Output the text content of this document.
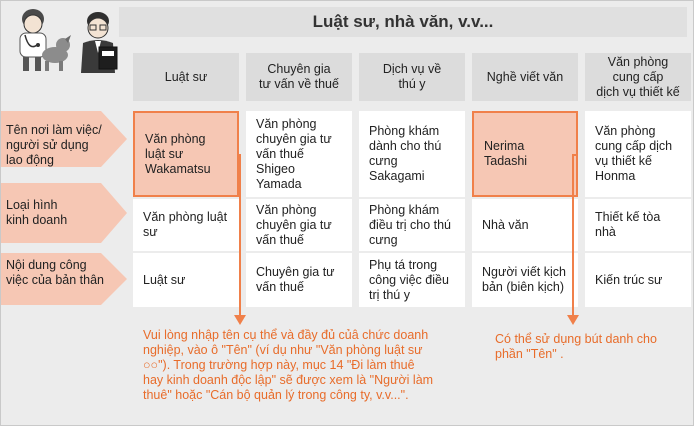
Luật sư, nhà văn, v.v...
Tên nơi làm việc/
người sử dụng
lao động
Loại hình
kinh doanh
Nội dung công
việc của bản thân
Luật sư
Chuyên gia
tư vấn về thuế
Dịch vụ về
thú y
Nghề viết văn
Văn phòng
cung cấp
dịch vụ thiết kế
Văn phòng
luật sư
Wakamatsu
Văn phòng
chuyên gia tư
vấn thuế
Shigeo
Yamada
Phòng khám
dành cho thú
cưng
Sakagami
Nerima
Tadashi
Văn phòng
cung cấp dịch
vụ thiết kế
Honma
Văn phòng luật
sư
Văn phòng
chuyên gia tư
vấn thuế
Phòng khám
điều trị cho thú
cưng
Nhà văn
Thiết kế tòa
nhà
Luật sư
Chuyên gia tư
vấn thuế
Phụ tá trong
công việc điều
trị thú y
Người viết kịch
bản (biên kịch)
Kiến trúc sư
Vui lòng nhập tên cụ thể và đầy đủ củâ chức doanh
nghiệp, vào ô "Tên" (ví dụ như "Văn phòng luật sư
○○"). Trong trường hợp này, mục 14 "Đi làm thuê
hay kinh doanh độc lập" sẽ được xem là "Người làm
thuê" hoặc "Cán bộ quản lý trong công ty, v.v...".
Có thể sử dụng bút danh cho
phần "Tên" .
